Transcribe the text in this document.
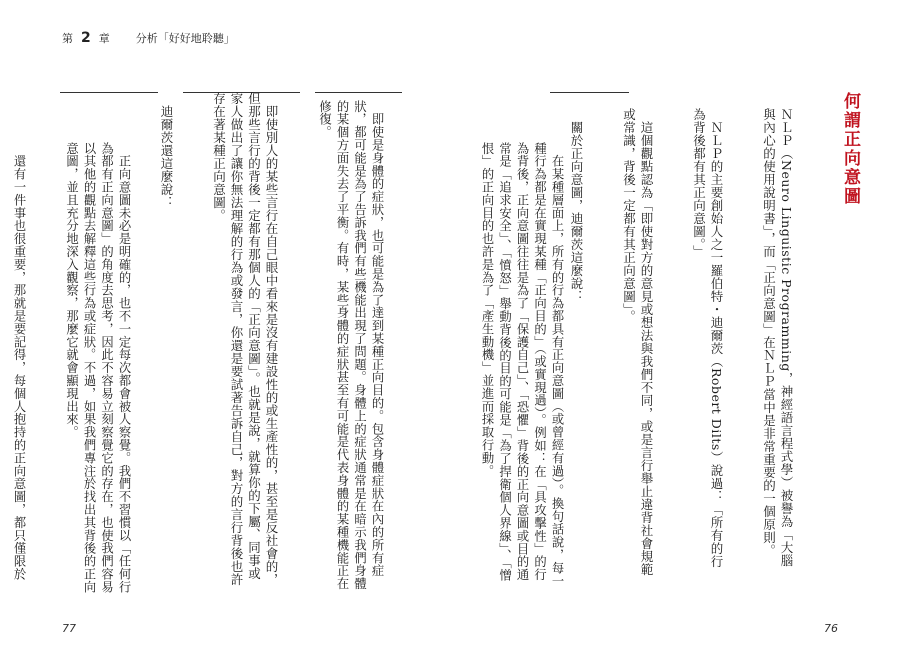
第 2 章 分析「好好地聆聽」

　正向意圖未必是明確的，也不一定每次都會被人察覺。我們不習慣以「任何行為都有正向意圖」的角度去思考，因此不容易立刻察覺它的存在，也使我們容易以其他的觀點去解釋這些行為或症狀。不過，如果我們專注於找出其背後的正向意圖，並且充分地深入觀察，那麼它就會顯現出來。

　還有一件事也很重要，那就是要記得，每個人抱持的正向意圖，都只僅限於

	　即使是身體的症狀，也可能是為了達到某種正向目的。包含身體症狀在內的所有症狀，都可能是為了告訴我們有些機能出現了問題。身體上的症狀通常是在暗示我們身體的某個方面失去了平衡。有時，某些身體的症狀甚至有可能是代表身體的某種機能正在修復。

　即使別人的某些言行在自己眼中看來是沒有建設性的或生產性的，甚至是反社會的，但那些言行的背後一定都有那個人的「正向意圖」。也就是說，就算你的下屬、同事或家人做出了讓你無法理解的行為或發言，你還是要試著告訴自己，對方的言行背後也許存在著某種正向意圖。

　迪爾茨還這麼說：

	　在某種層面上，所有的行為都具有正向意圖（或曾經有過）。換句話說，每一種行為都是在實現某種「正向目的」（或實現過）。例如：在「具攻擊性」的行為背後，正向意圖往往是為了「保護自己」、「恐懼」背後的正向意圖或目的通常是「追求安全」、「憤怒」舉動背後的目的可能是「為了捍衛個人界線」、「憎恨」的正向目的也許是為了「產生動機」並進而採取行動。

	ＮＬＰ（Neuro Linguistic Programming，神經語言程式學）被譽為「大腦與內心的使用說明書」，而「正向意圖」在ＮＬＰ當中是非常重要的一個原則。

　ＮＬＰ的主要創始人之一羅伯特・迪爾茨（Robert Dilts）說過：「所有的行為背後都有其正向意圖。」

　這個觀點認為「即使對方的意見或想法與我們不同，或是言行舉止違背社會規範或常識，背後一定都有其正向意圖」。

　關於正向意圖，迪爾茨這麼說：	何謂正向意圖

77	76
